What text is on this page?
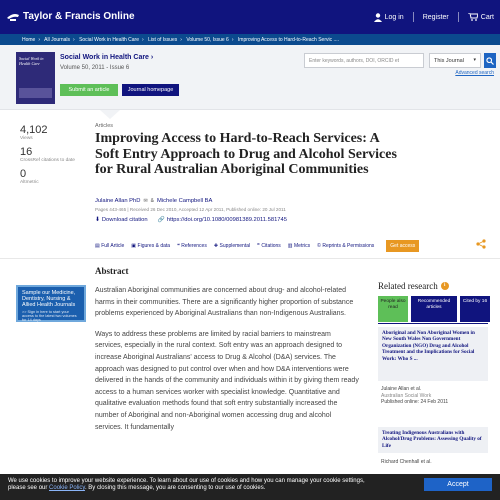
Taylor & Francis Online	Log in	Register	Cart
Home › All Journals › Social Work in Health Care › List of Issues › Volume 50, Issue 6 › Improving Access to Hard-to-Reach Servic ....
Social Work in Health Care
Social Work in Health Care ›
Volume 50, 2011 - Issue 6
Submit an article	Journal homepage
Enter keywords, authors, DOI, ORCID et	This Journal ▾
Advanced search
4,102
Views
16
CrossRef citations to date
0
Altmetric
Articles
Improving Access to Hard-to-Reach Services: A Soft Entry Approach to Drug and Alcohol Services for Rural Australian Aboriginal Communities
Julaine Allan PhD ✉ & Michele Campbell BA
Pages 443-465 | Received 26 Dec 2010, Accepted 12 Apr 2011, Published online: 20 Jul 2011
⬇ Download citation 🔗 https://doi.org/10.1080/00981389.2011.581745
▤ Full Article ▣ Figures & data ❝ References ✚ Supplemental ❞ Citations ▥ Metrics © Reprints & Permissions	Get access
Sample our Medicine, Dentistry, Nursing & Allied Health Journals
>> Sign in here to start your access to the latest two volumes for 14 days
Abstract

Australian Aboriginal communities are concerned about drug- and alcohol-related harms in their communities. There are a significantly higher proportion of substance problems experienced by Aboriginal Australians than non-Indigenous Australians.

Ways to address these problems are limited by racial barriers to mainstream services, especially in the rural context. Soft entry was an approach designed to increase Aboriginal Australians' access to Drug & Alcohol (D&A) services. The approach was designed to put control over when and how D&A interventions were delivered in the hands of the community and individuals within it by giving them ready access to a human services worker with specialist knowledge. Quantitative and qualitative evaluation methods found that soft entry substantially increased the number of Aboriginal and non-Aboriginal women accessing drug and alcohol services. It fundamentally

Related research	i
People also read
Recommended articles
Cited by 16
Aboriginal and Non Aboriginal Women in New South Wales Non Government Organization (NGO) Drug and Alcohol Treatment and the Implications for Social Work: Who S ...
Julaine Allan et al.
Australian Social Work
Published online: 24 Feb 2011
Treating Indigenous Australians with Alcohol/Drug Problems: Assessing Quality of Life
Richard Chenhall et al.
We use cookies to improve your website experience. To learn about our use of cookies and how you can manage your cookie settings,
please see our Cookie Policy. By closing this message, you are consenting to our use of cookies.	Accept
